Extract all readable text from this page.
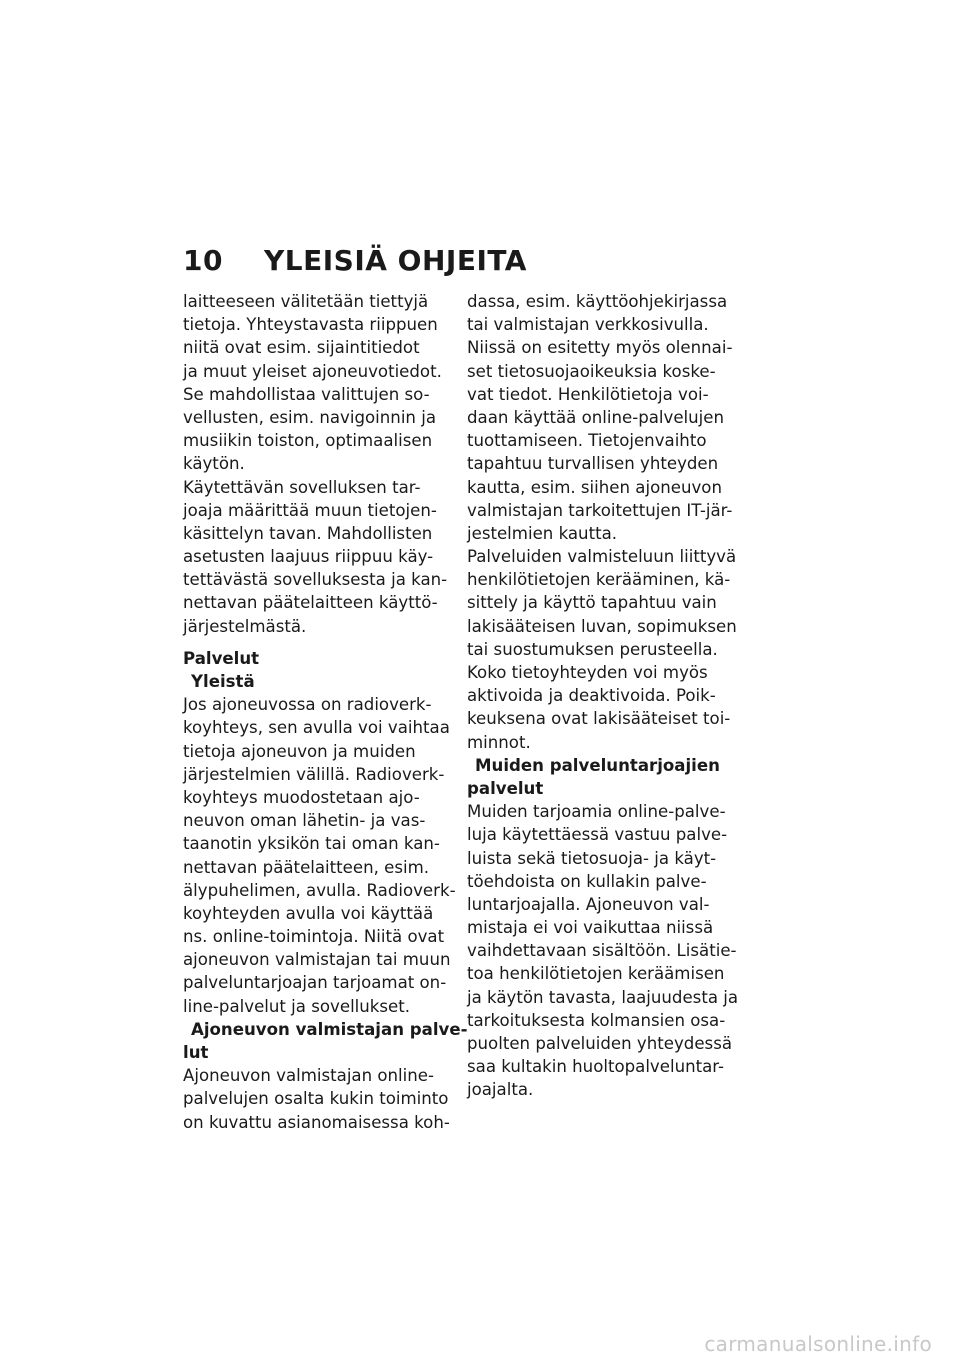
10	YLEISIÄ OHJEITA
laitteeseen välitetään tiettyjä
tietoja. Yhteystavasta riippuen
niitä ovat esim. sijaintitiedot
ja muut yleiset ajoneuvotiedot.
Se mahdollistaa valittujen so-
vellusten, esim. navigoinnin ja
musiikin toiston, optimaalisen
käytön.
Käytettävän sovelluksen tar-
joaja määrittää muun tietojen-
käsittelyn tavan. Mahdollisten
asetusten laajuus riippuu käy-
tettävästä sovelluksesta ja kan-
nettavan päätelaitteen käyttö-
järjestelmästä.
Palvelut
Yleistä
Jos ajoneuvossa on radioverk-
koyhteys, sen avulla voi vaihtaa
tietoja ajoneuvon ja muiden
järjestelmien välillä. Radioverk-
koyhteys muodostetaan ajo-
neuvon oman lähetin- ja vas-
taanotin yksikön tai oman kan-
nettavan päätelaitteen, esim.
älypuhelimen, avulla. Radioverk-
koyhteyden avulla voi käyttää
ns. online-toimintoja. Niitä ovat
ajoneuvon valmistajan tai muun
palveluntarjoajan tarjoamat on-
line-palvelut ja sovellukset.
Ajoneuvon valmistajan palve-
lut
Ajoneuvon valmistajan online-
palvelujen osalta kukin toiminto
on kuvattu asianomaisessa koh-
dassa, esim. käyttöohjekirjassa
tai valmistajan verkkosivulla.
Niissä on esitetty myös olennai-
set tietosuojaoikeuksia koske-
vat tiedot. Henkilötietoja voi-
daan käyttää online-palvelujen
tuottamiseen. Tietojenvaihto
tapahtuu turvallisen yhteyden
kautta, esim. siihen ajoneuvon
valmistajan tarkoitettujen IT-jär-
jestelmien kautta.
Palveluiden valmisteluun liittyvä
henkilötietojen kerääminen, kä-
sittely ja käyttö tapahtuu vain
lakisääteisen luvan, sopimuksen
tai suostumuksen perusteella.
Koko tietoyhteyden voi myös
aktivoida ja deaktivoida. Poik-
keuksena ovat lakisääteiset toi-
minnot.
Muiden palveluntarjoajien
palvelut
Muiden tarjoamia online-palve-
luja käytettäessä vastuu palve-
luista sekä tietosuoja- ja käyt-
töehdoista on kullakin palve-
luntarjoajalla. Ajoneuvon val-
mistaja ei voi vaikuttaa niissä
vaihdettavaan sisältöön. Lisätie-
toa henkilötietojen keräämisen
ja käytön tavasta, laajuudesta ja
tarkoituksesta kolmansien osa-
puolten palveluiden yhteydessä
saa kultakin huoltopalveluntar-
joajalta.
carmanualsonline.info
